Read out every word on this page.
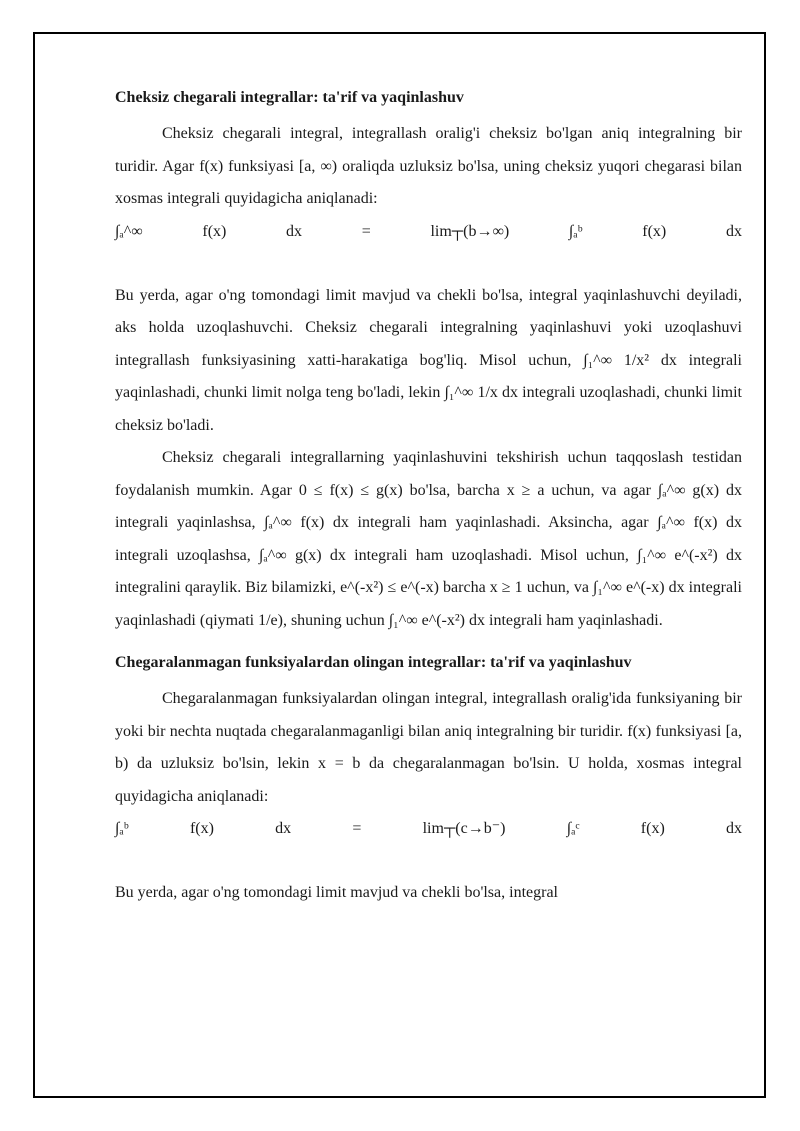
Cheksiz chegarali integrallar: ta'rif va yaqinlashuv

Cheksiz chegarali integral, integrallash oralig'i cheksiz bo'lgan aniq integralning bir turidir. Agar f(x) funksiyasi [a, ∞) oraliqda uzluksiz bo'lsa, uning cheksiz yuqori chegarasi bilan xosmas integrali quyidagicha aniqlanadi:

∫ₐ^∞	f(x)	dx	=	lim┬(b→∞)	∫ₐᵇ	f(x)	dx

Bu yerda, agar o'ng tomondagi limit mavjud va chekli bo'lsa, integral yaqinlashuvchi deyiladi, aks holda uzoqlashuvchi. Cheksiz chegarali integralning yaqinlashuvi yoki uzoqlashuvi integrallash funksiyasining xatti-harakatiga bog'liq. Misol uchun, ∫₁^∞ 1/x² dx integrali yaqinlashadi, chunki limit nolga teng bo'ladi, lekin ∫₁^∞ 1/x dx integrali uzoqlashadi, chunki limit cheksiz bo'ladi.

Cheksiz chegarali integrallarning yaqinlashuvini tekshirish uchun taqqoslash testidan foydalanish mumkin. Agar 0 ≤ f(x) ≤ g(x) bo'lsa, barcha x ≥ a uchun, va agar ∫ₐ^∞ g(x) dx integrali yaqinlashsa, ∫ₐ^∞ f(x) dx integrali ham yaqinlashadi. Aksincha, agar ∫ₐ^∞ f(x) dx integrali uzoqlashsa, ∫ₐ^∞ g(x) dx integrali ham uzoqlashadi. Misol uchun, ∫₁^∞ e^(-x²) dx integralini qaraylik. Biz bilamizki, e^(-x²) ≤ e^(-x) barcha x ≥ 1 uchun, va ∫₁^∞ e^(-x) dx integrali yaqinlashadi (qiymati 1/e), shuning uchun ∫₁^∞ e^(-x²) dx integrali ham yaqinlashadi.

Chegaralanmagan funksiyalardan olingan integrallar: ta'rif va yaqinlashuv

Chegaralanmagan funksiyalardan olingan integral, integrallash oralig'ida funksiyaning bir yoki bir nechta nuqtada chegaralanmaganligi bilan aniq integralning bir turidir. f(x) funksiyasi [a, b) da uzluksiz bo'lsin, lekin x = b da chegaralanmagan bo'lsin. U holda, xosmas integral quyidagicha aniqlanadi:

∫ₐᵇ	f(x)	dx	=	lim┬(c→b⁻)	∫ₐᶜ	f(x)	dx

Bu yerda, agar o'ng tomondagi limit mavjud va chekli bo'lsa, integral
